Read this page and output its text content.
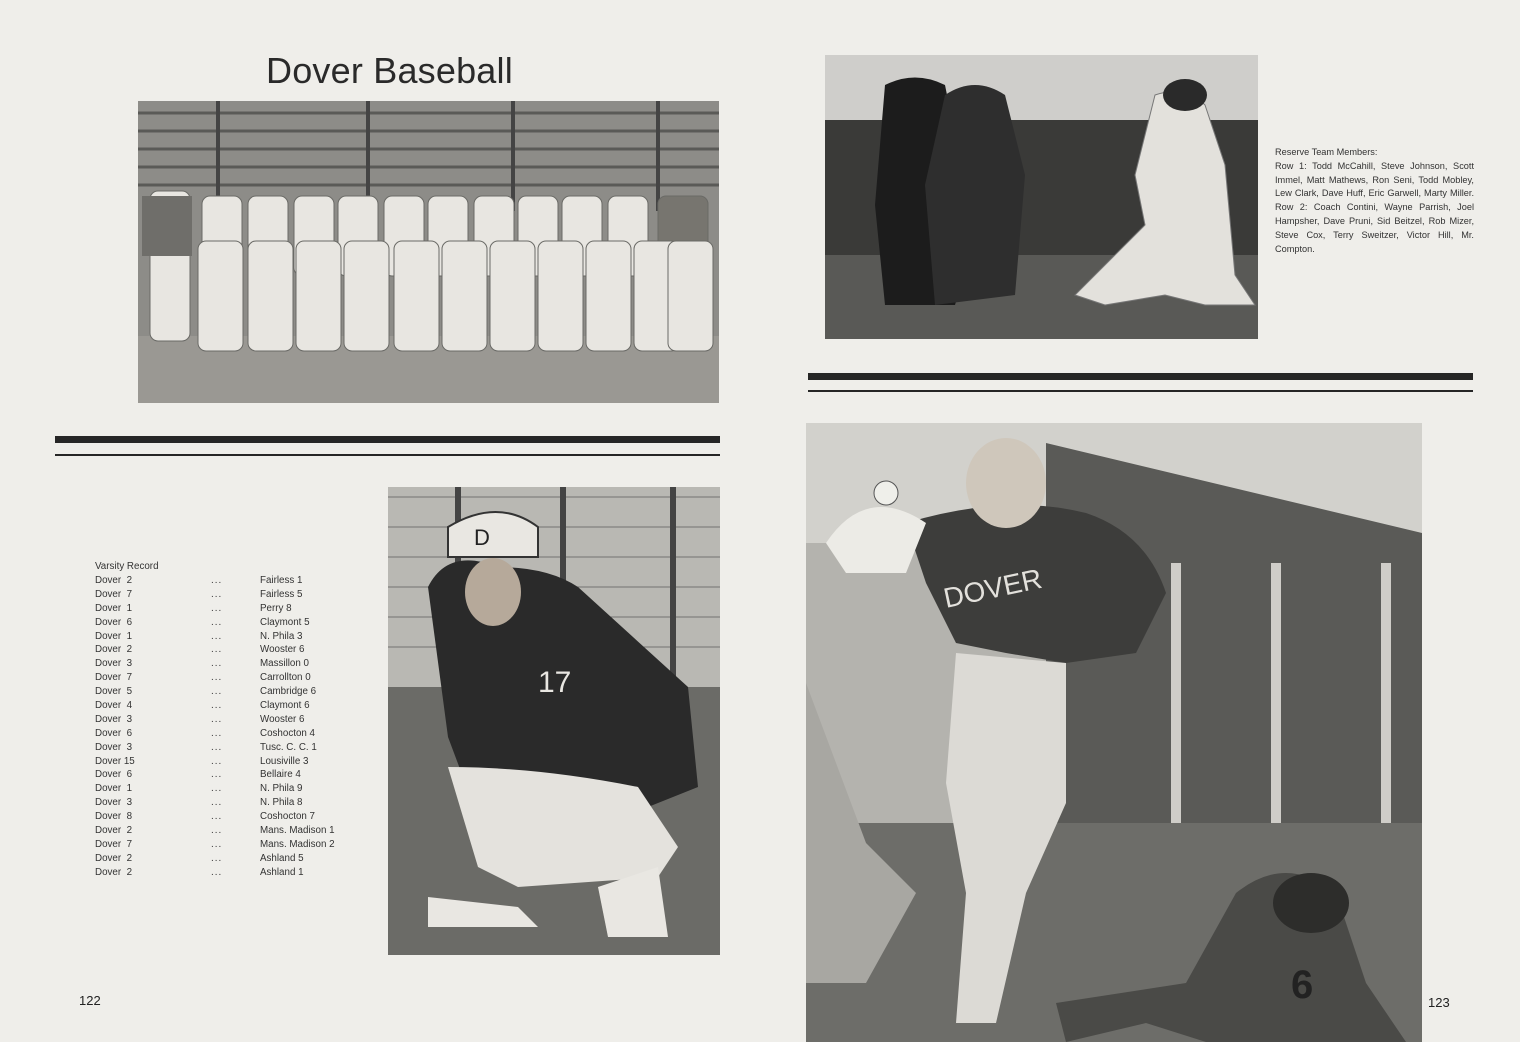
Dover Baseball
Varsity Record
Dover  2	...	Fairless 1
Dover  7	...	Fairless 5
Dover  1	...	Perry 8
Dover  6	...	Claymont 5
Dover  1	...	N. Phila 3
Dover  2	...	Wooster 6
Dover  3	...	Massillon 0
Dover  7	...	Carrollton 0
Dover  5	...	Cambridge 6
Dover  4	...	Claymont 6
Dover  3	...	Wooster 6
Dover  6	...	Coshocton 4
Dover  3	...	Tusc. C. C. 1
Dover 15	...	Lousiville 3
Dover  6	...	Bellaire 4
Dover  1	...	N. Phila 9
Dover  3	...	N. Phila 8
Dover  8	...	Coshocton 7
Dover  2	...	Mans. Madison 1
Dover  7	...	Mans. Madison 2
Dover  2	...	Ashland 5
Dover  2	...	Ashland 1
17
D
Reserve Team Members:
Row 1: Todd McCahill, Steve Johnson, Scott Immel, Matt Mathews, Ron Seni, Todd Mobley, Lew Clark, Dave Huff, Eric Garwell, Marty Miller. Row 2: Coach Contini, Wayne Parrish, Joel Hampsher, Dave Pruni, Sid Beitzel, Rob Mizer, Steve Cox, Terry Sweitzer, Victor Hill, Mr. Compton.
DOVER
6
122	123
